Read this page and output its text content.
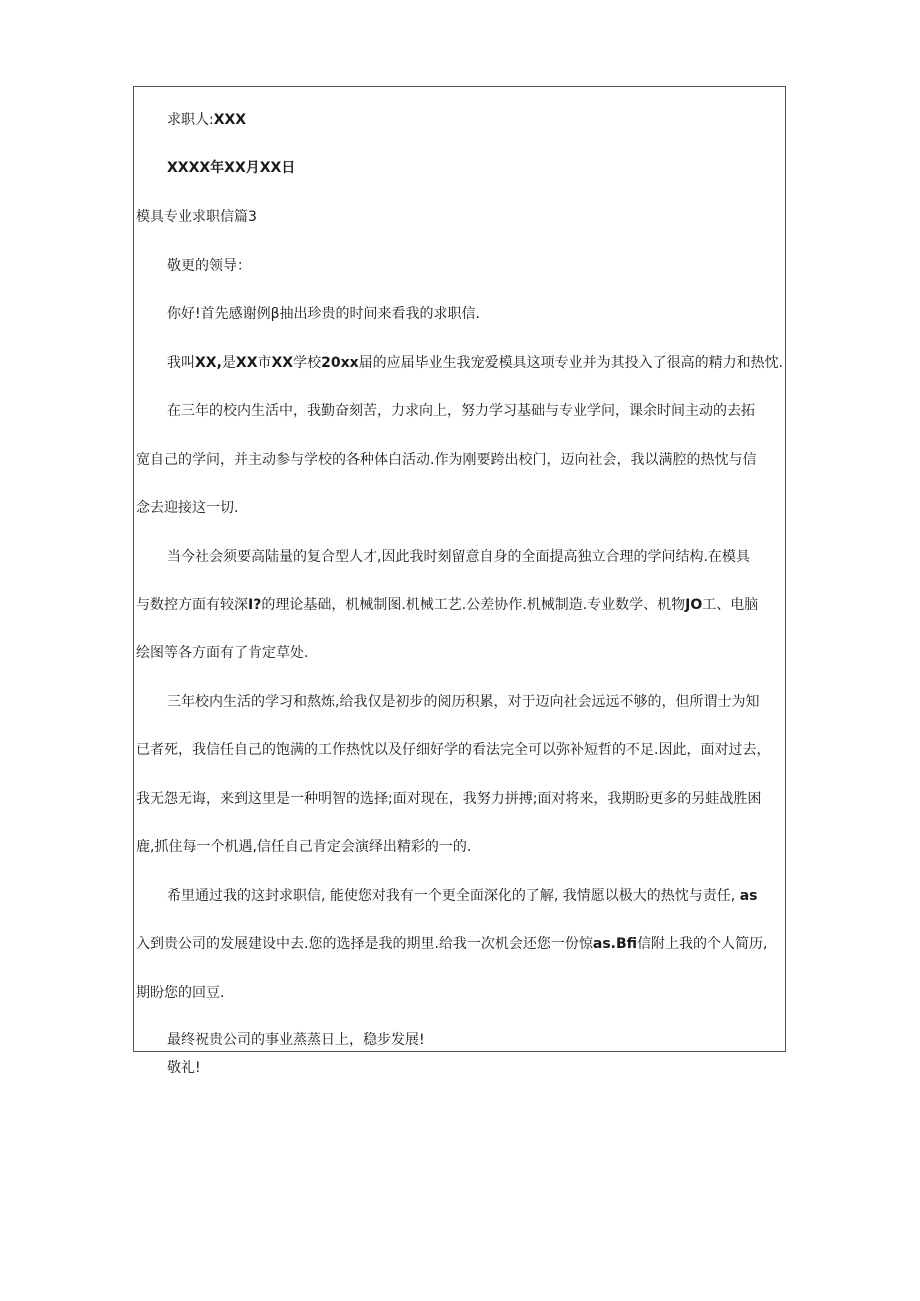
求职人:XXX
XXXX年XX月XX日
模具专业求职信篇3
敬更的领导：
你好!首先感谢例β抽出珍贵的时间来看我的求职信.
我叫XX,是XX市XX学校20xx届的应届毕业生我宠爱模具这项专业并为其投入了很高的精力和热忱.
在三年的校内生活中，我勤奋刻苦，力求向上，努力学习基础与专业学问，课余时间主动的去拓
宽自己的学问，并主动参与学校的各种体白活动.作为刚要跨出校门，迈向社会，我以满腔的热忱与信
念去迎接这一切.
当今社会须要高陆量的复合型人才,因此我时刻留意自身的全面提高独立合理的学问结构.在模具
与数控方面有较深I?的理论基础，机械制图.机械工艺.公差协作.机械制造.专业数学、机物JO工、电脑
绘图等各方面有了肯定草处.
三年校内生活的学习和熬炼,给我仅是初步的阅历积累，对于迈向社会远远不够的，但所谓士为知
已者死，我信任自己的饱满的工作热忱以及仔细好学的看法完全可以弥补短哲的不足.因此，面对过去，
我无怨无诲，来到这里是一种明智的选择;面对现在，我努力拼搏;面对将来，我期盼更多的另蛙战胜困
鹿,抓住每一个机遇,信任自己肯定会演绎出精彩的一的.
希里通过我的这封求职信, 能使您对我有一个更全面深化的了解, 我情愿以极大的热忱与责任, as
入到贵公司的发展建设中去.您的选择是我的期里.给我一次机会还您一份惊as.Bfi信附上我的个人简历,
期盼您的回豆.
最终祝贵公司的事业蒸蒸日上，稳步发展!
敬礼!
